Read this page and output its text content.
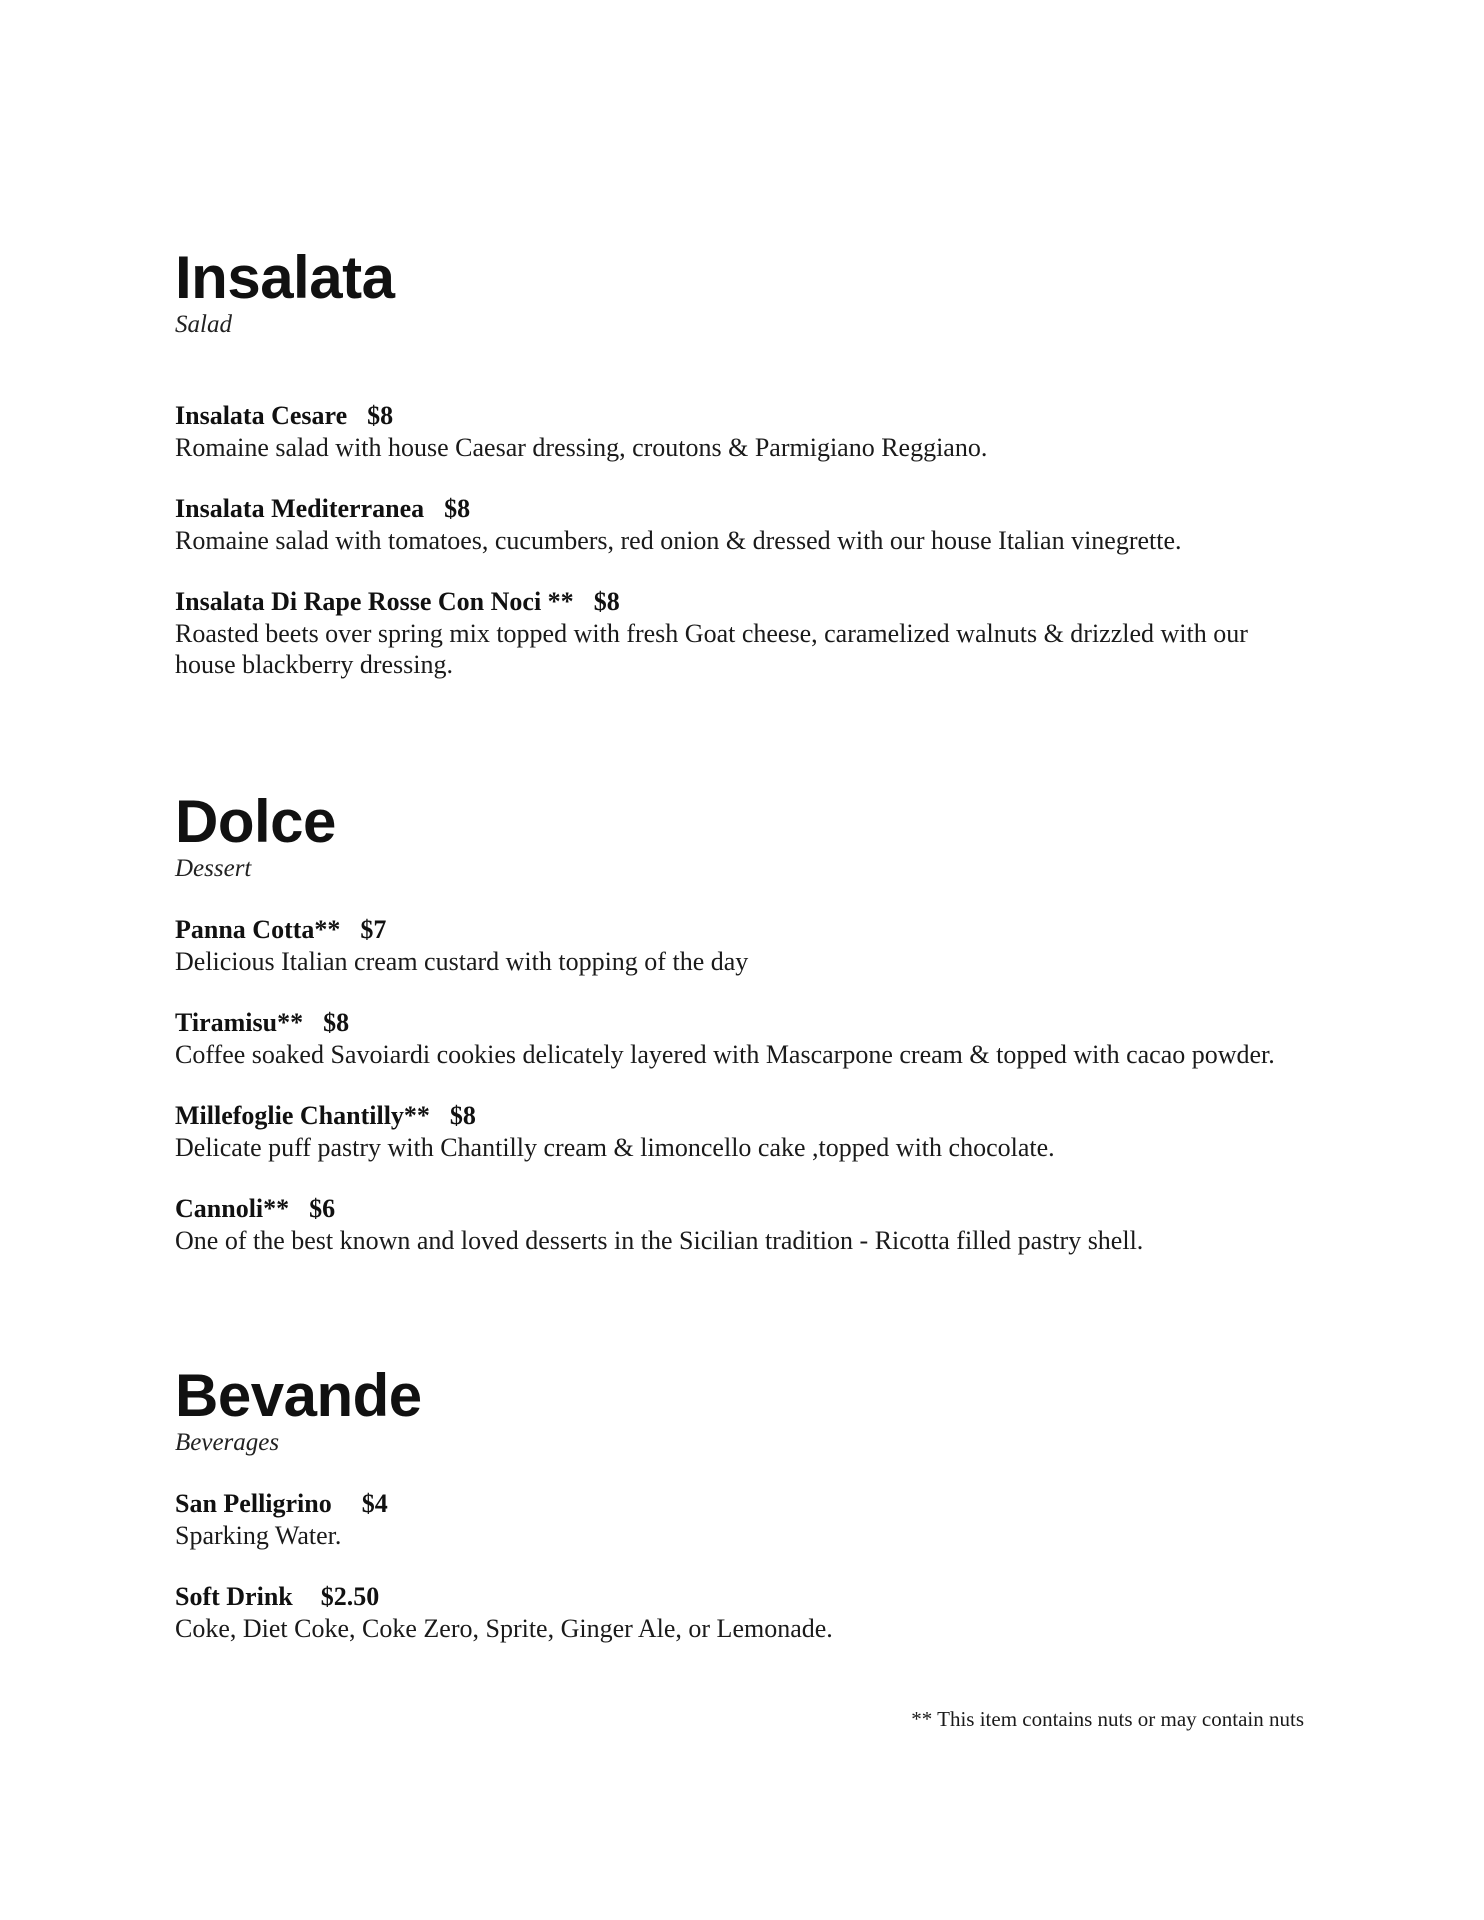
Insalata
Salad
Insalata Cesare $8
Romaine salad with house Caesar dressing, croutons & Parmigiano Reggiano.
Insalata Mediterranea $8
Romaine salad with tomatoes, cucumbers, red onion & dressed with our house Italian vinegrette.
Insalata Di Rape Rosse Con Noci ** $8
Roasted beets over spring mix topped with fresh Goat cheese, caramelized walnuts & drizzled with our house blackberry dressing.
Dolce
Dessert
Panna Cotta** $7
Delicious Italian cream custard with topping of the day
Tiramisu** $8
Coffee soaked Savoiardi cookies delicately layered with Mascarpone cream & topped with cacao powder.
Millefoglie Chantilly** $8
Delicate puff pastry with Chantilly cream & limoncello cake ,topped with chocolate.
Cannoli** $6
One of the best known and loved desserts in the Sicilian tradition - Ricotta filled pastry shell.
Bevande
Beverages
San Pelligrino $4
Sparking Water.
Soft Drink $2.50
Coke, Diet Coke, Coke Zero, Sprite, Ginger Ale, or Lemonade.
** This item contains nuts or may contain nuts
